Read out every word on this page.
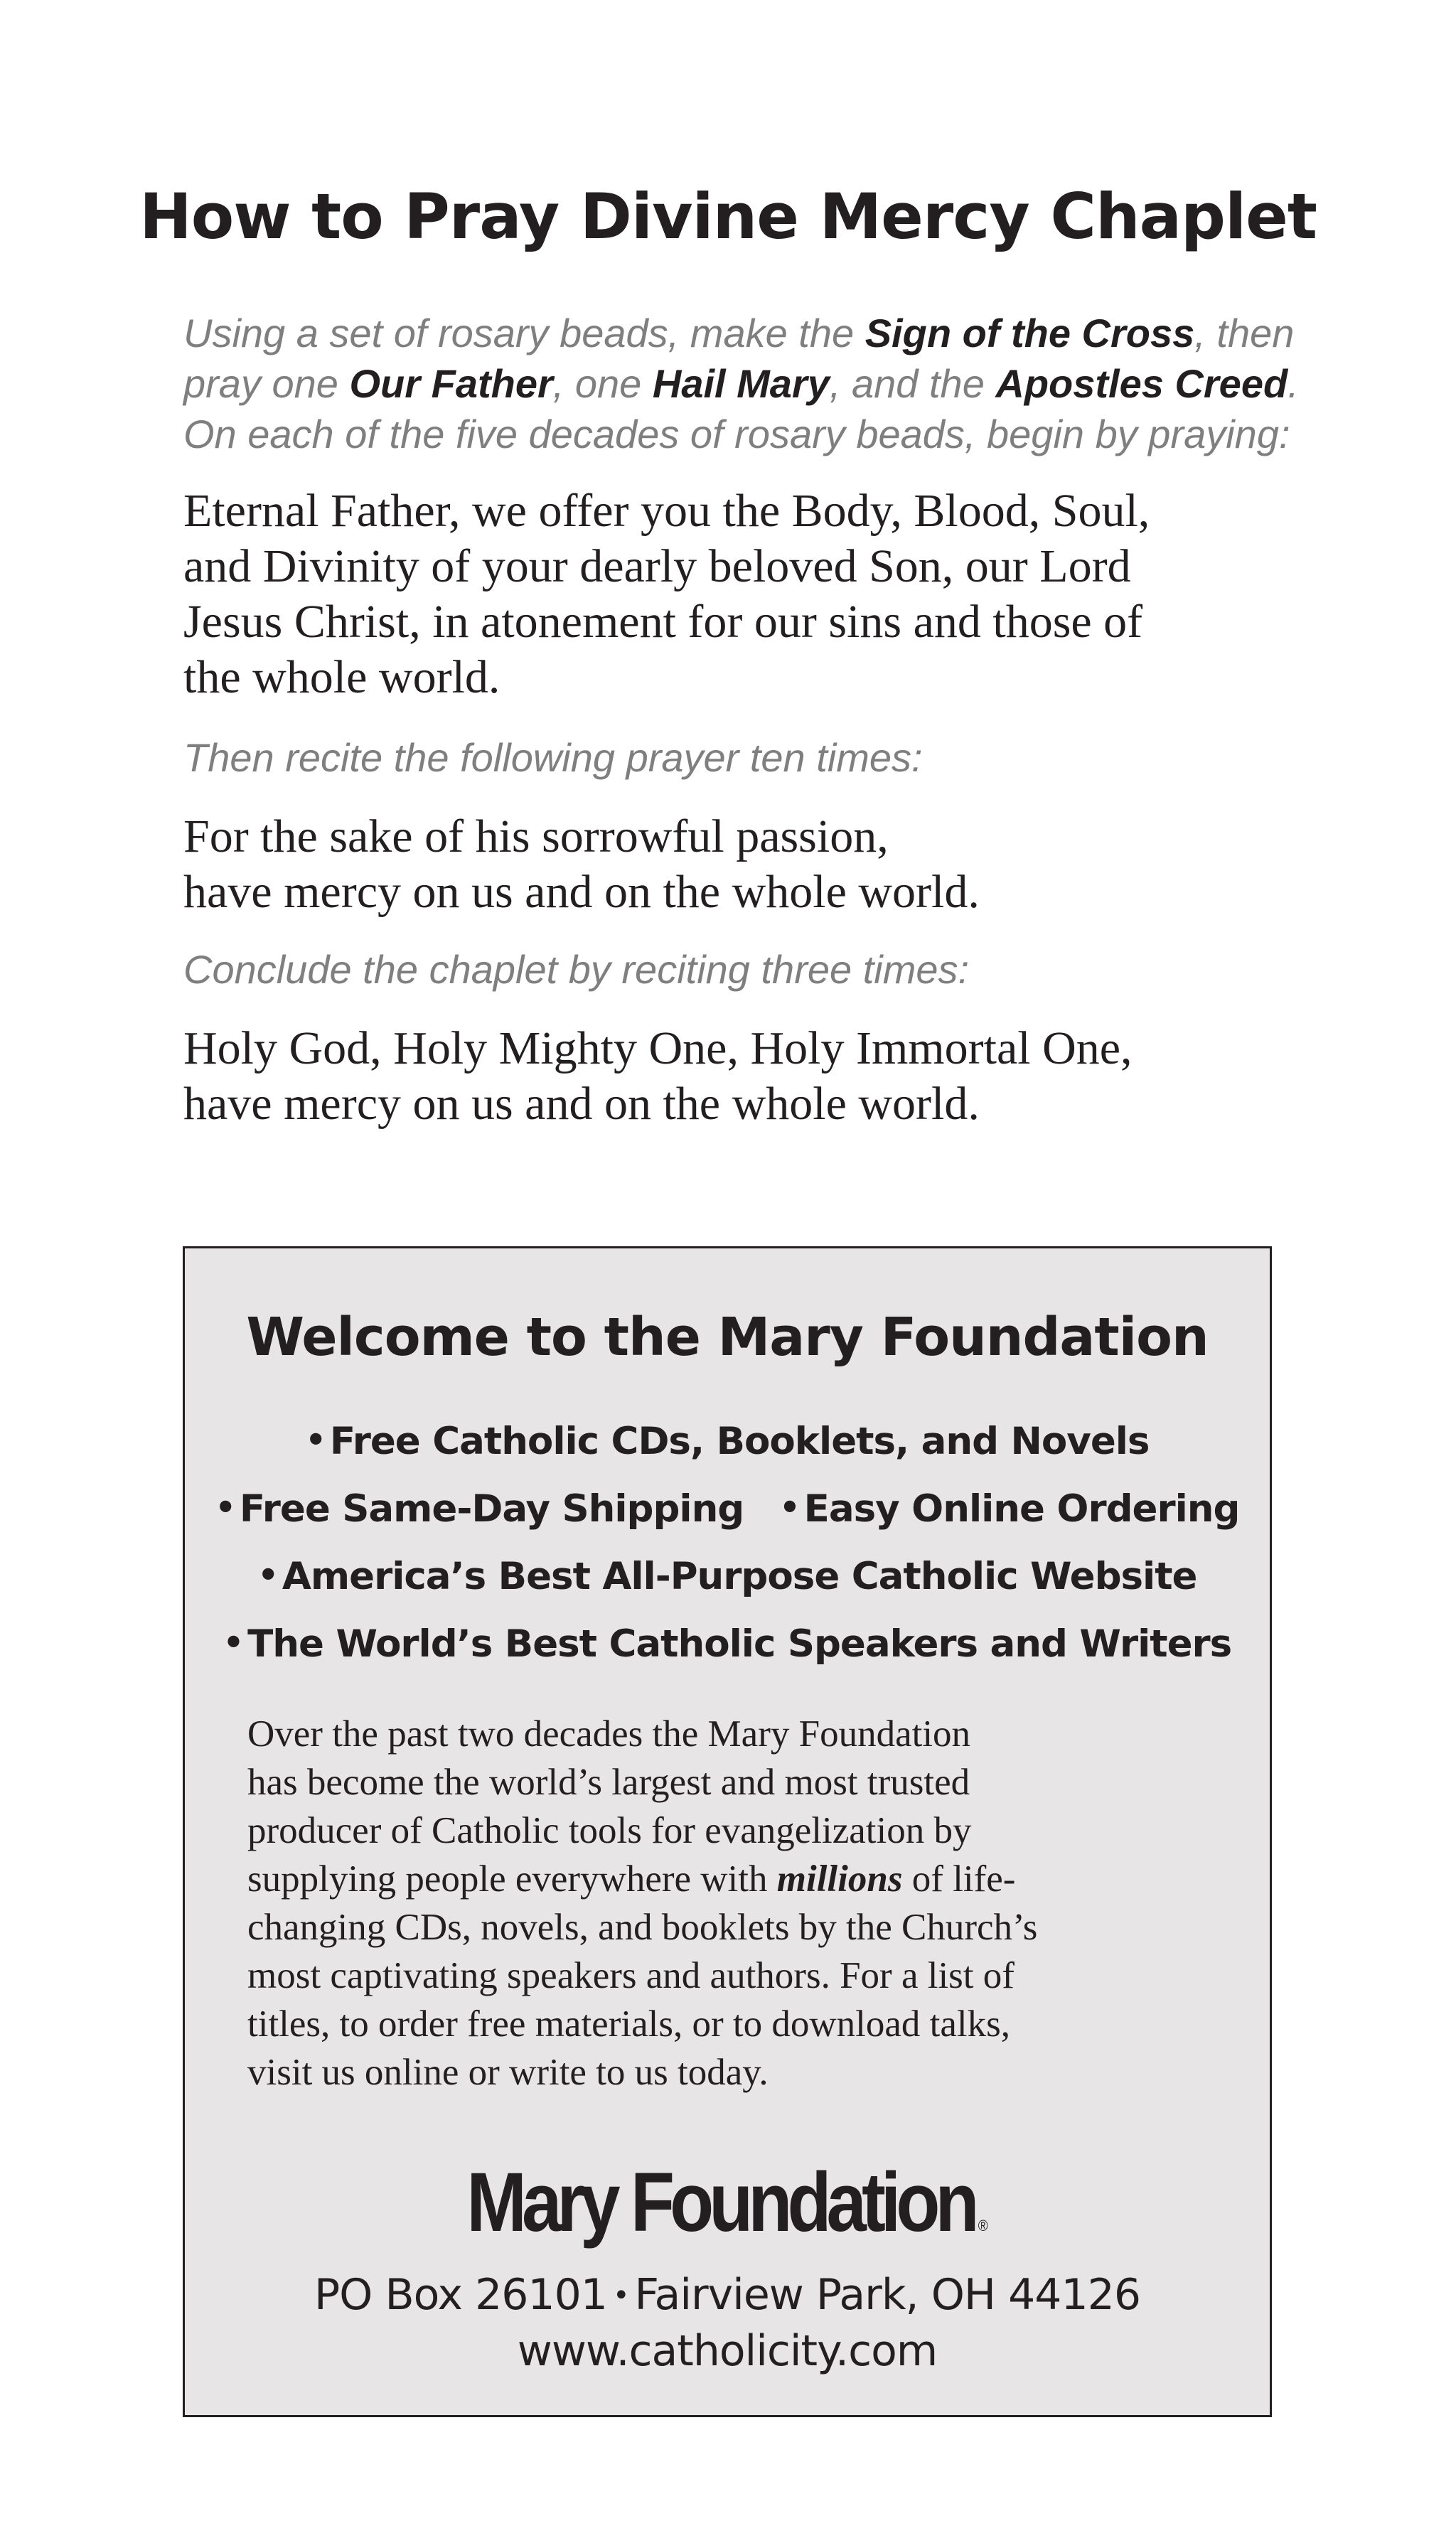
How to Pray Divine Mercy Chaplet

Using a set of rosary beads, make the Sign of the Cross, then
pray one Our Father, one Hail Mary, and the Apostles Creed.
On each of the five decades of rosary beads, begin by praying:

Eternal Father, we offer you the Body, Blood, Soul,
and Divinity of your dearly beloved Son, our Lord
Jesus Christ, in atonement for our sins and those of
the whole world.

Then recite the following prayer ten times:

For the sake of his sorrowful passion,
have mercy on us and on the whole world.

Conclude the chaplet by reciting three times:

Holy God, Holy Mighty One, Holy Immortal One,
have mercy on us and on the whole world.

Welcome to the Mary Foundation
• Free Catholic CDs, Booklets, and Novels
• Free Same-Day Shipping • Easy Online Ordering
• America’s Best All-Purpose Catholic Website
• The World’s Best Catholic Speakers and Writers

Over the past two decades the Mary Foundation
has become the world’s largest and most trusted
producer of Catholic tools for evangelization by
supplying people everywhere with millions of life-
changing CDs, novels, and booklets by the Church’s
most captivating speakers and authors. For a list of
titles, to order free materials, or to download talks,
visit us online or write to us today.

Mary Foundation ®
PO Box 26101 • Fairview Park, OH 44126
www.catholicity.com
